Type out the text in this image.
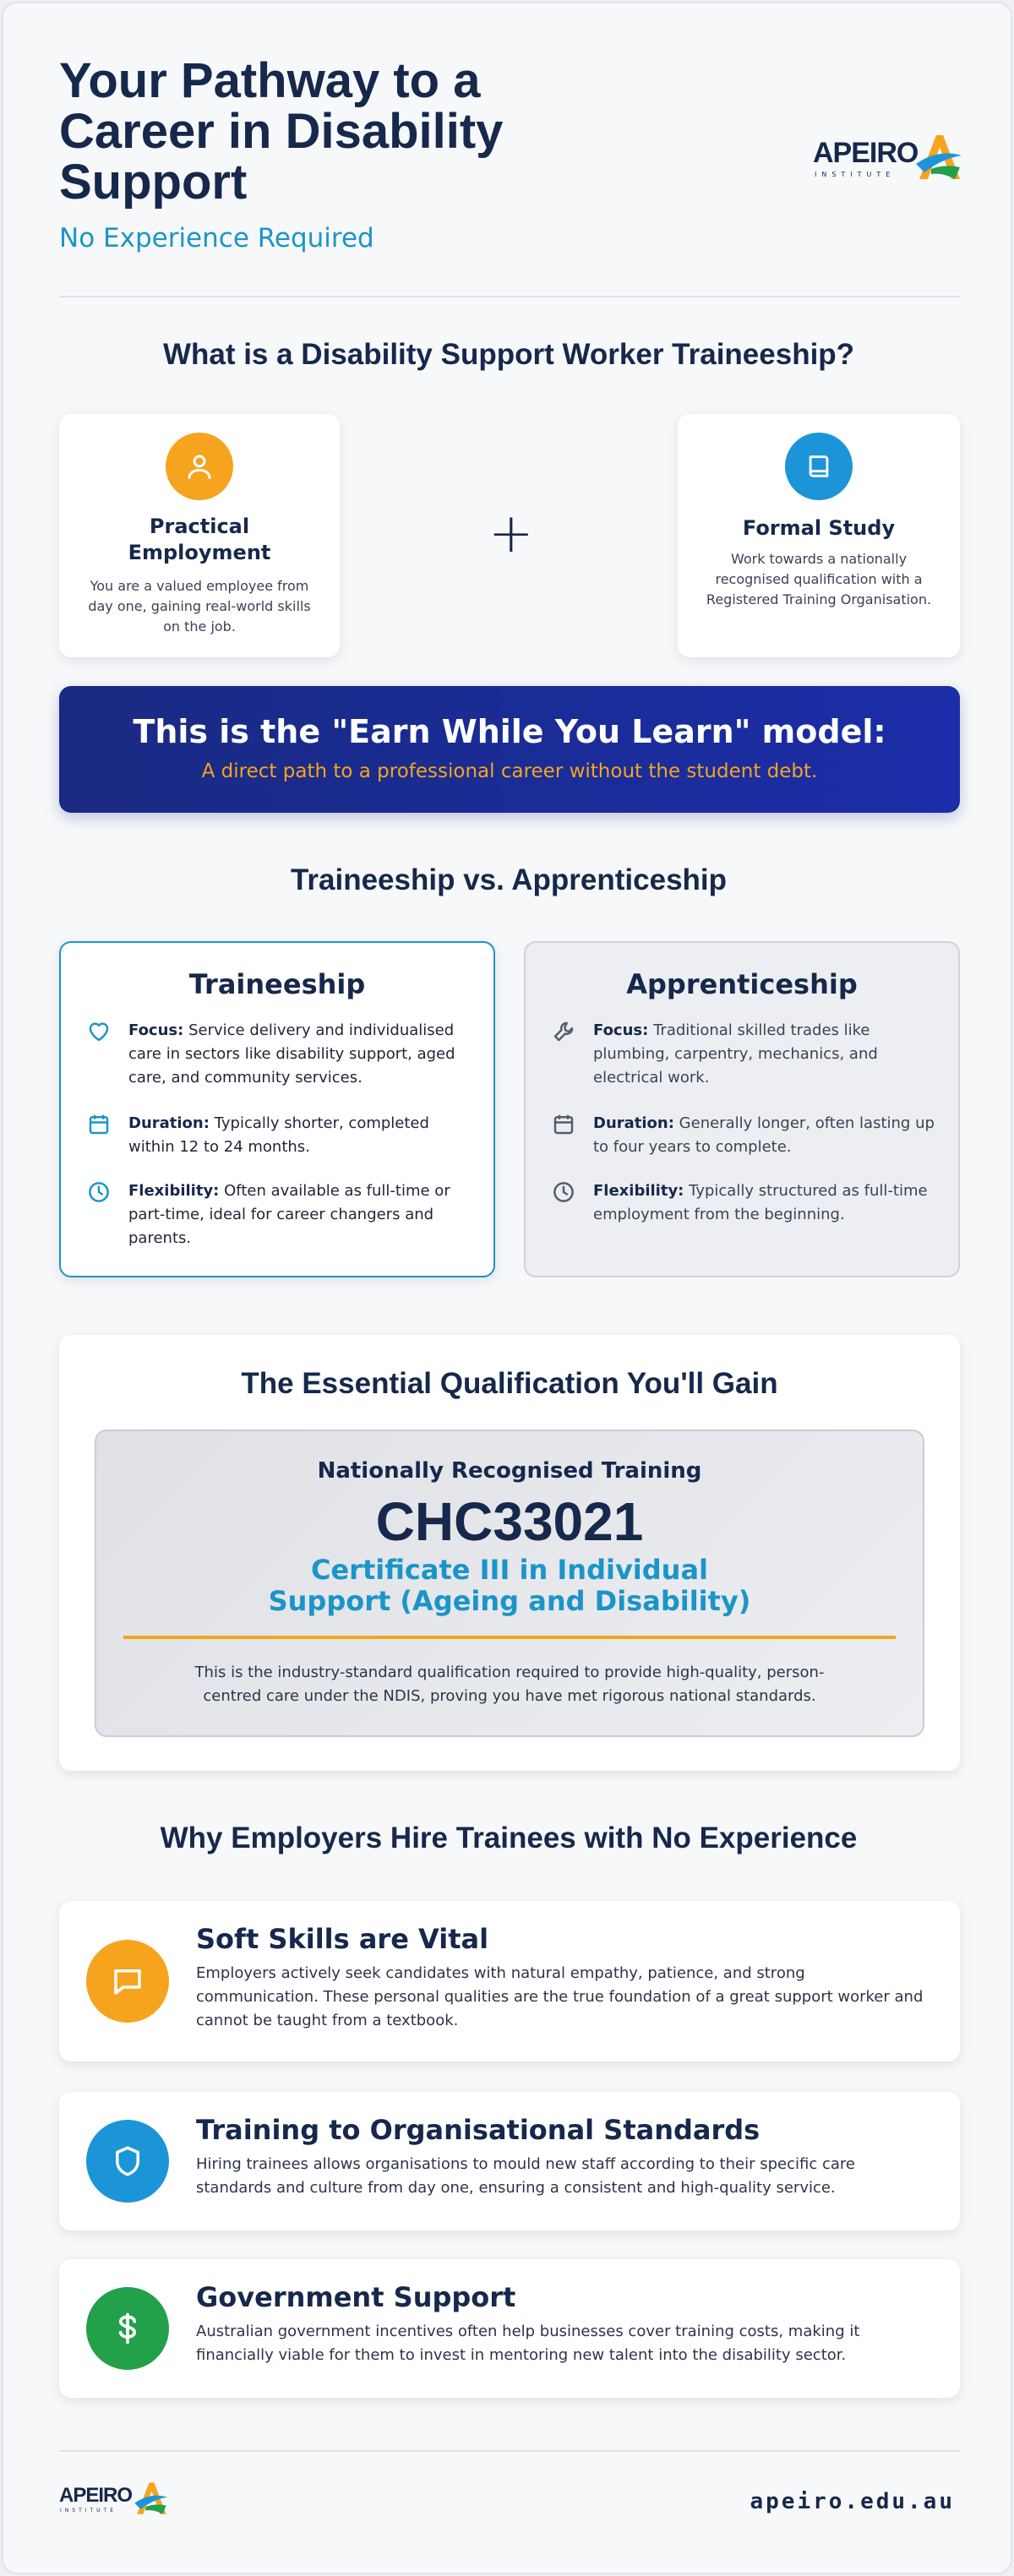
Your Pathway to a Career in Disability Support
No Experience Required
APEIRO
INSTITUTE
What is a Disability Support Worker Traineeship?
Practical Employment

You are a valued employee from day one, gaining real-world skills on the job.

+	Formal Study

Work towards a nationally recognised qualification with a Registered Training Organisation.

This is the "Earn While You Learn" model:
A direct path to a professional career without the student debt.
Traineeship vs. Apprenticeship
Traineeship
Focus: Service delivery and individualised care in sectors like disability support, aged care, and community services.
Duration: Typically shorter, completed within 12 to 24 months.
Flexibility: Often available as full-time or part-time, ideal for career changers and parents.
Apprenticeship
Focus: Traditional skilled trades like plumbing, carpentry, mechanics, and electrical work.
Duration: Generally longer, often lasting up to four years to complete.
Flexibility: Typically structured as full-time employment from the beginning.
The Essential Qualification You'll Gain
Nationally Recognised Training
CHC33021
Certificate III in Individual Support (Ageing and Disability)
This is the industry-standard qualification required to provide high-quality, person-centred care under the NDIS, proving you have met rigorous national standards.
Why Employers Hire Trainees with No Experience
Soft Skills are Vital

Employers actively seek candidates with natural empathy, patience, and strong communication. These personal qualities are the true foundation of a great support worker and cannot be taught from a textbook.

Training to Organisational Standards

Hiring trainees allows organisations to mould new staff according to their specific care standards and culture from day one, ensuring a consistent and high-quality service.

Government Support

Australian government incentives often help businesses cover training costs, making it financially viable for them to invest in mentoring new talent into the disability sector.

APEIRO
INSTITUTE	apeiro.edu.au
